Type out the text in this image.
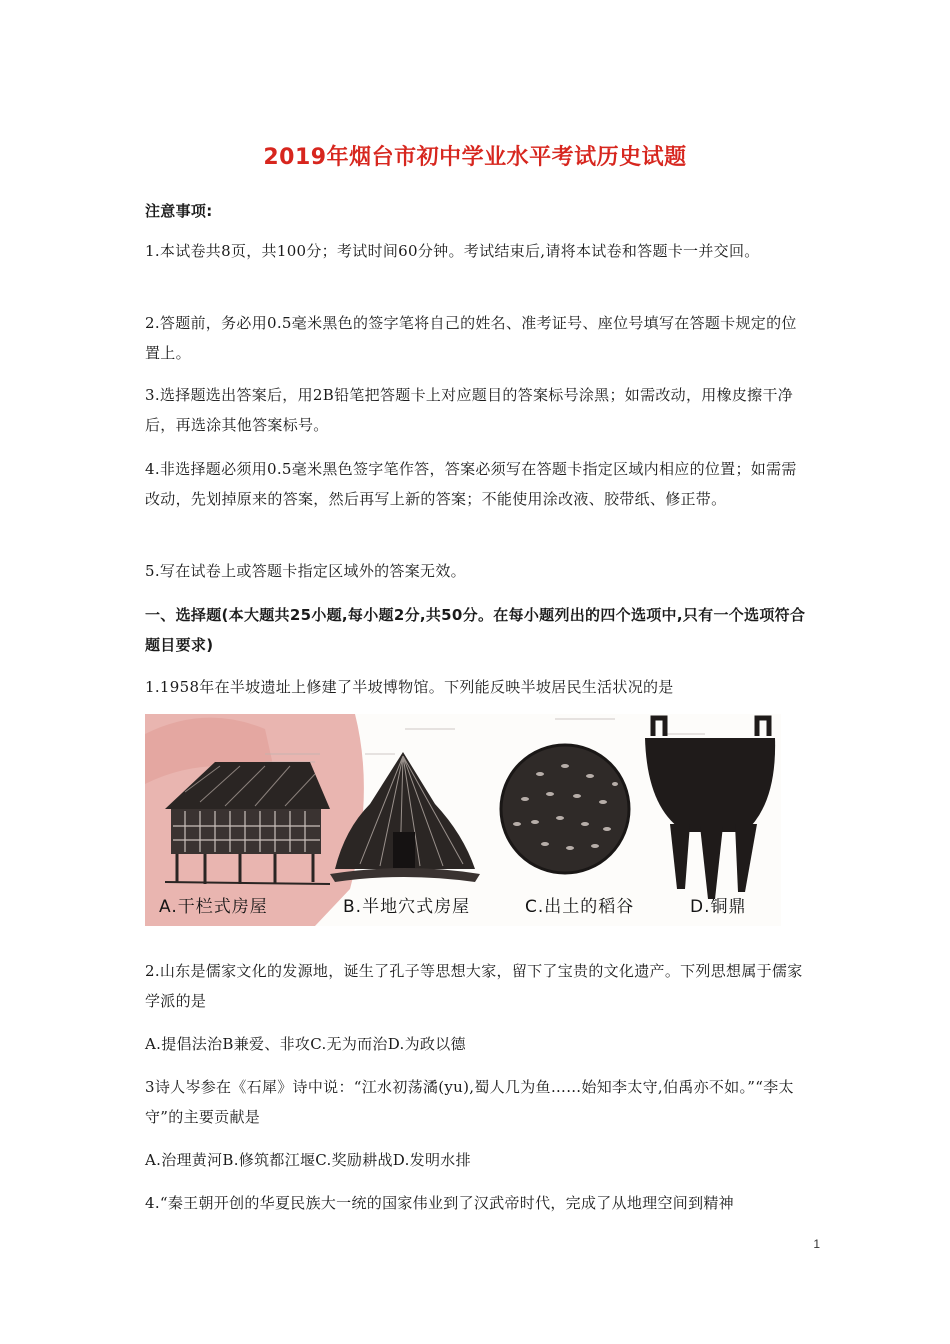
2019年烟台市初中学业水平考试历史试题
注意事项:
1.本试卷共8页，共100分；考试时间60分钟。考试结束后,请将本试卷和答题卡一并交回。
2.答题前，务必用0.5毫米黑色的签字笔将自己的姓名、准考证号、座位号填写在答题卡规定的位置上。
3.选择题选出答案后，用2B铅笔把答题卡上对应题目的答案标号涂黑；如需改动，用橡皮擦干净后，再选涂其他答案标号。
4.非选择题必须用0.5毫米黑色签字笔作答，答案必须写在答题卡指定区域内相应的位置；如需需改动，先划掉原来的答案，然后再写上新的答案；不能使用涂改液、胶带纸、修正带。
5.写在试卷上或答题卡指定区域外的答案无效。
一、选择题(本大题共25小题,每小题2分,共50分。在每小题列出的四个选项中,只有一个选项符合题目要求)
1.1958年在半坡遗址上修建了半坡博物馆。下列能反映半坡居民生活状况的是
A.干栏式房屋	B.半地穴式房屋	C.出土的稻谷	D.铜鼎
2.山东是儒家文化的发源地，诞生了孔子等思想大家，留下了宝贵的文化遗产。下列思想属于儒家学派的是
A.提倡法治B兼爱、非攻C.无为而治D.为政以德
3诗人岑参在《石犀》诗中说：“江水初荡潏(yu),蜀人几为鱼……始知李太守,伯禹亦不如。”“李太守”的主要贡献是
A.治理黄河B.修筑都江堰C.奖励耕战D.发明水排
4.“秦王朝开创的华夏民族大一统的国家伟业到了汉武帝时代，完成了从地理空间到精神
1
